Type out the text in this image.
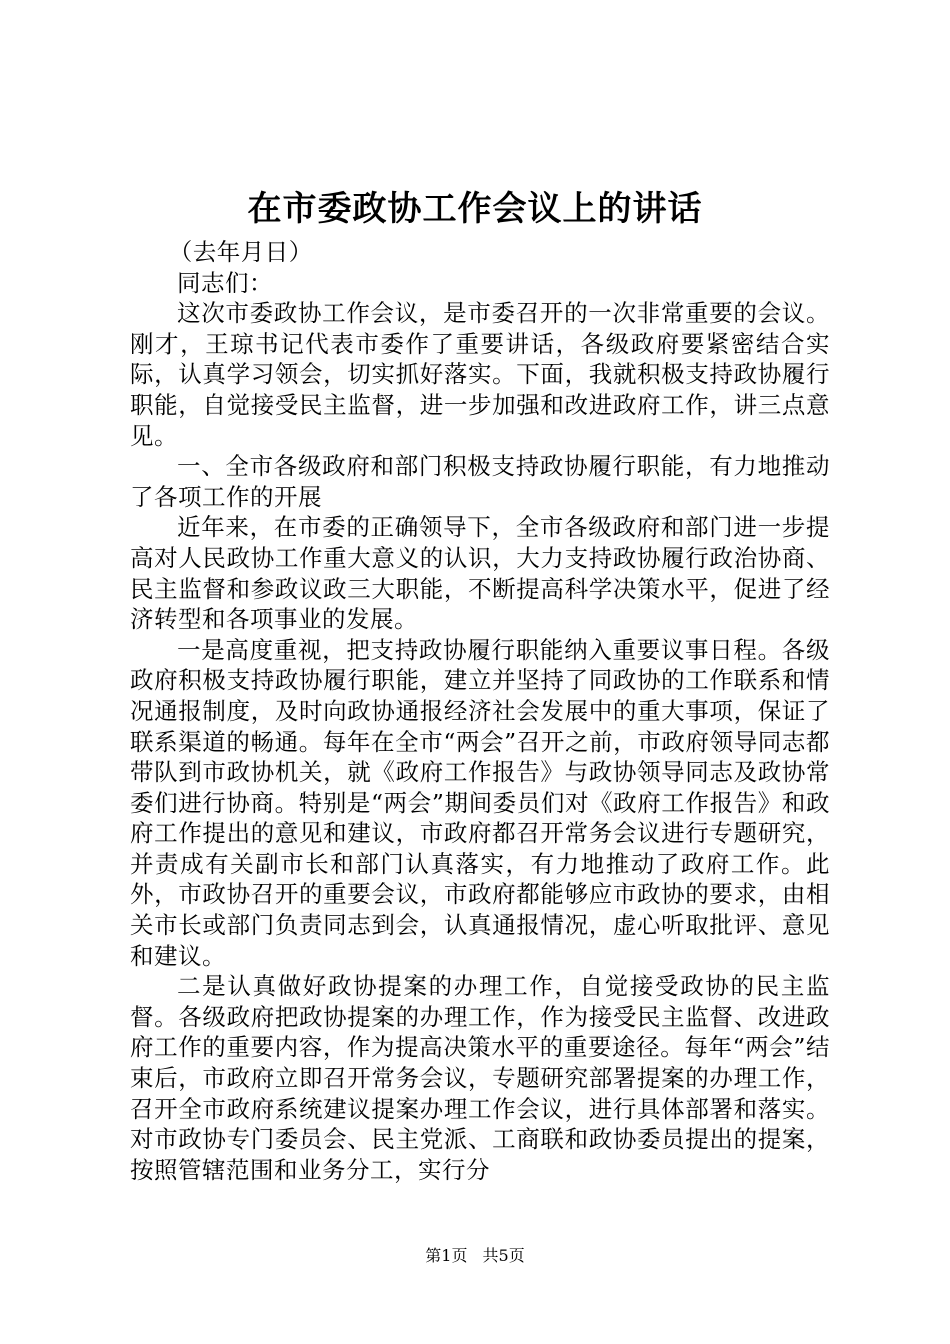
在市委政协工作会议上的讲话

（去年月日）

同志们：

这次市委政协工作会议，是市委召开的一次非常重要的会议。刚才，王琼书记代表市委作了重要讲话，各级政府要紧密结合实际，认真学习领会，切实抓好落实。下面，我就积极支持政协履行职能，自觉接受民主监督，进一步加强和改进政府工作，讲三点意见。

一、全市各级政府和部门积极支持政协履行职能，有力地推动了各项工作的开展

近年来，在市委的正确领导下，全市各级政府和部门进一步提高对人民政协工作重大意义的认识，大力支持政协履行政治协商、民主监督和参政议政三大职能，不断提高科学决策水平，促进了经济转型和各项事业的发展。

一是高度重视，把支持政协履行职能纳入重要议事日程。各级政府积极支持政协履行职能，建立并坚持了同政协的工作联系和情况通报制度，及时向政协通报经济社会发展中的重大事项，保证了联系渠道的畅通。每年在全市“两会”召开之前，市政府领导同志都带队到市政协机关，就《政府工作报告》与政协领导同志及政协常委们进行协商。特别是“两会”期间委员们对《政府工作报告》和政府工作提出的意见和建议，市政府都召开常务会议进行专题研究，并责成有关副市长和部门认真落实，有力地推动了政府工作。此外，市政协召开的重要会议，市政府都能够应市政协的要求，由相关市长或部门负责同志到会，认真通报情况，虚心听取批评、意见和建议。

二是认真做好政协提案的办理工作，自觉接受政协的民主监督。各级政府把政协提案的办理工作，作为接受民主监督、改进政府工作的重要内容，作为提高决策水平的重要途径。每年“两会”结束后，市政府立即召开常务会议，专题研究部署提案的办理工作，召开全市政府系统建议提案办理工作会议，进行具体部署和落实。对市政协专门委员会、民主党派、工商联和政协委员提出的提案，按照管辖范围和业务分工，实行分

第1页 共5页
